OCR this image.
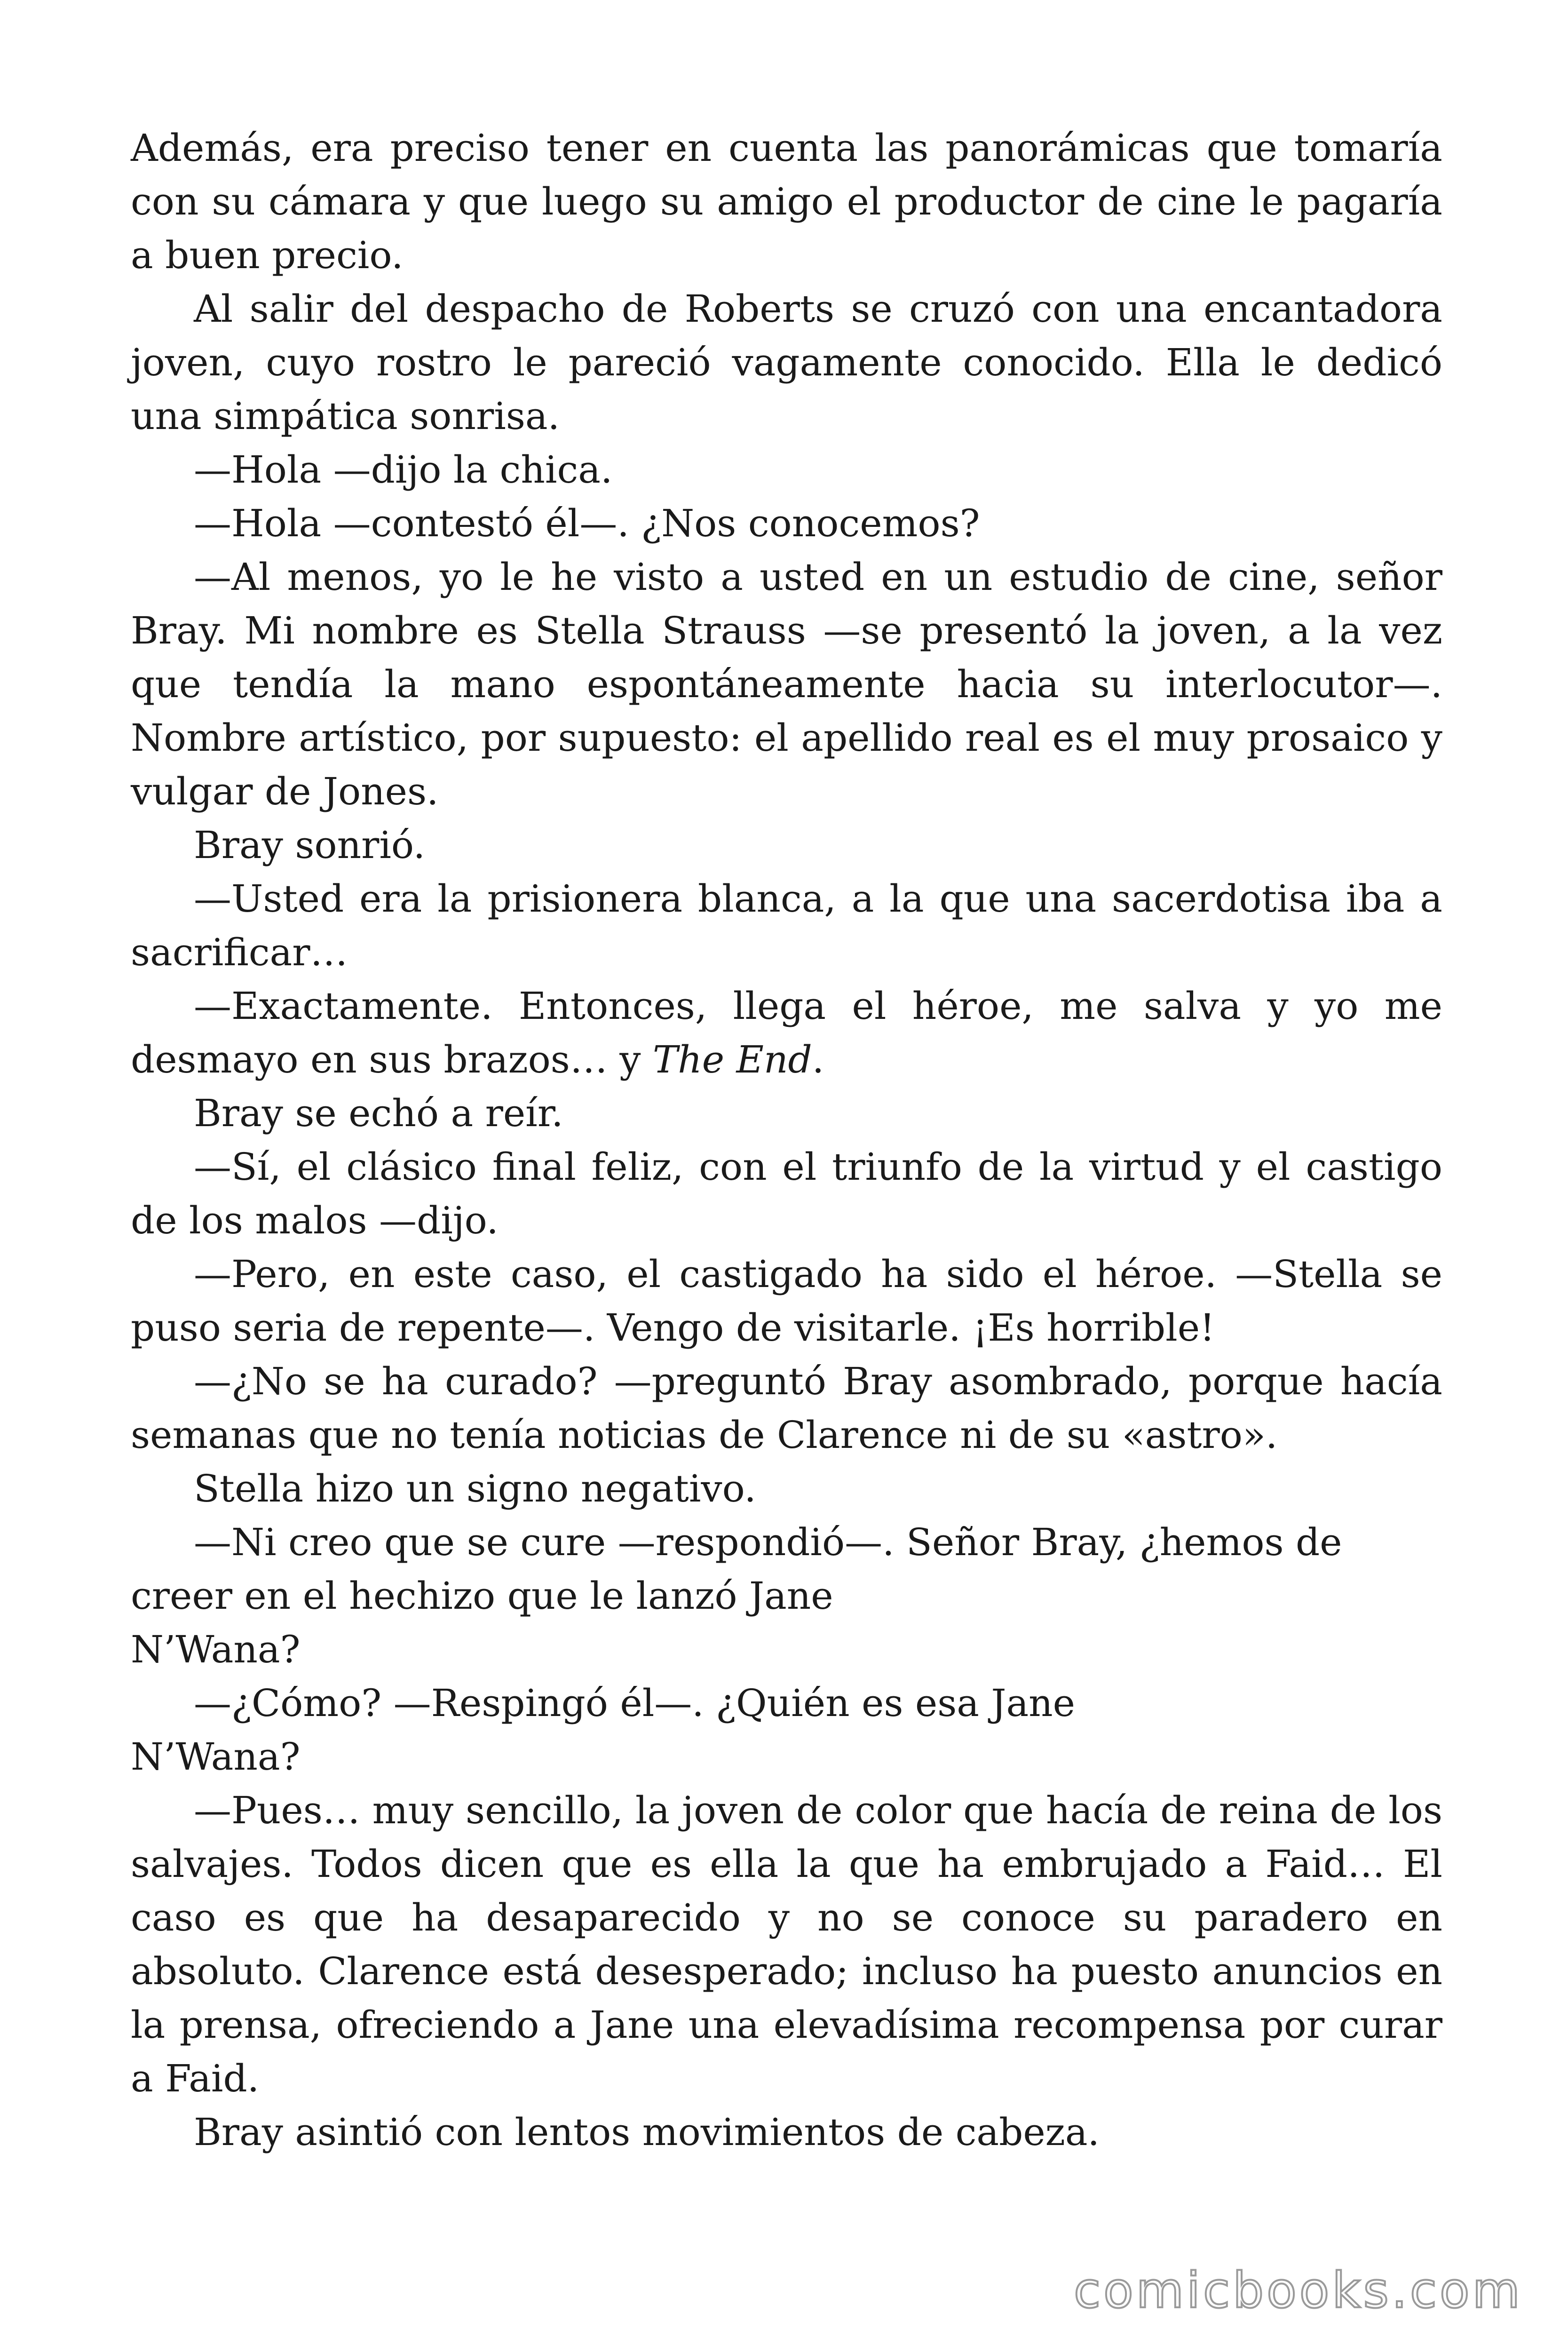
Además, era preciso tener en cuenta las panorámicas que tomaría con su cámara y que luego su amigo el productor de cine le pagaría a buen precio.

Al salir del despacho de Roberts se cruzó con una encantadora joven, cuyo rostro le pareció vagamente conocido. Ella le dedicó una simpática sonrisa.

—Hola —dijo la chica.

—Hola —contestó él—. ¿Nos conocemos?

—Al menos, yo le he visto a usted en un estudio de cine, señor Bray. Mi nombre es Stella Strauss —se presentó la joven, a la vez que tendía la mano espontáneamente hacia su interlocutor—. Nombre artístico, por supuesto: el apellido real es el muy prosaico y vulgar de Jones.

Bray sonrió.

—Usted era la prisionera blanca, a la que una sacerdotisa iba a sacrificar…

—Exactamente. Entonces, llega el héroe, me salva y yo me desmayo en sus brazos… y The End.

Bray se echó a reír.

—Sí, el clásico final feliz, con el triunfo de la virtud y el castigo de los malos —dijo.

—Pero, en este caso, el castigado ha sido el héroe. —Stella se puso seria de repente—. Vengo de visitarle. ¡Es horrible!

—¿No se ha curado? —preguntó Bray asombrado, porque hacía semanas que no tenía noticias de Clarence ni de su «astro».

Stella hizo un signo negativo.

—Ni creo que se cure —respondió—. Señor Bray, ¿hemos de creer en el hechizo que le lanzó Jane

N’Wana?

—¿Cómo? —Respingó él—. ¿Quién es esa Jane

N’Wana?

—Pues… muy sencillo, la joven de color que hacía de reina de los salvajes. Todos dicen que es ella la que ha embrujado a Faid… El caso es que ha desaparecido y no se conoce su paradero en absoluto. Clarence está desesperado; incluso ha puesto anuncios en la prensa, ofreciendo a Jane una elevadísima recompensa por curar a Faid.

Bray asintió con lentos movimientos de cabeza.

comicbooks.com
